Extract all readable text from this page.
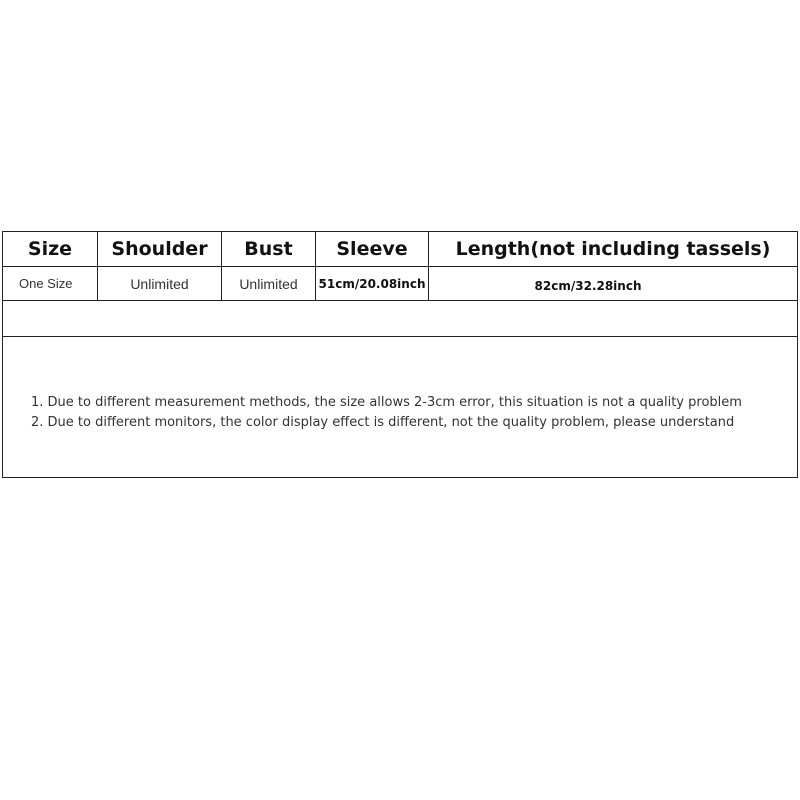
Size	Shoulder	Bust	Sleeve	Length(not including tassels)
One Size	Unlimited	Unlimited	51cm/20.08inch	82cm/32.28inch
1. Due to different measurement methods, the size allows 2-3cm error, this situation is not a quality problem
2. Due to different monitors, the color display effect is different, not the quality problem, please understand
